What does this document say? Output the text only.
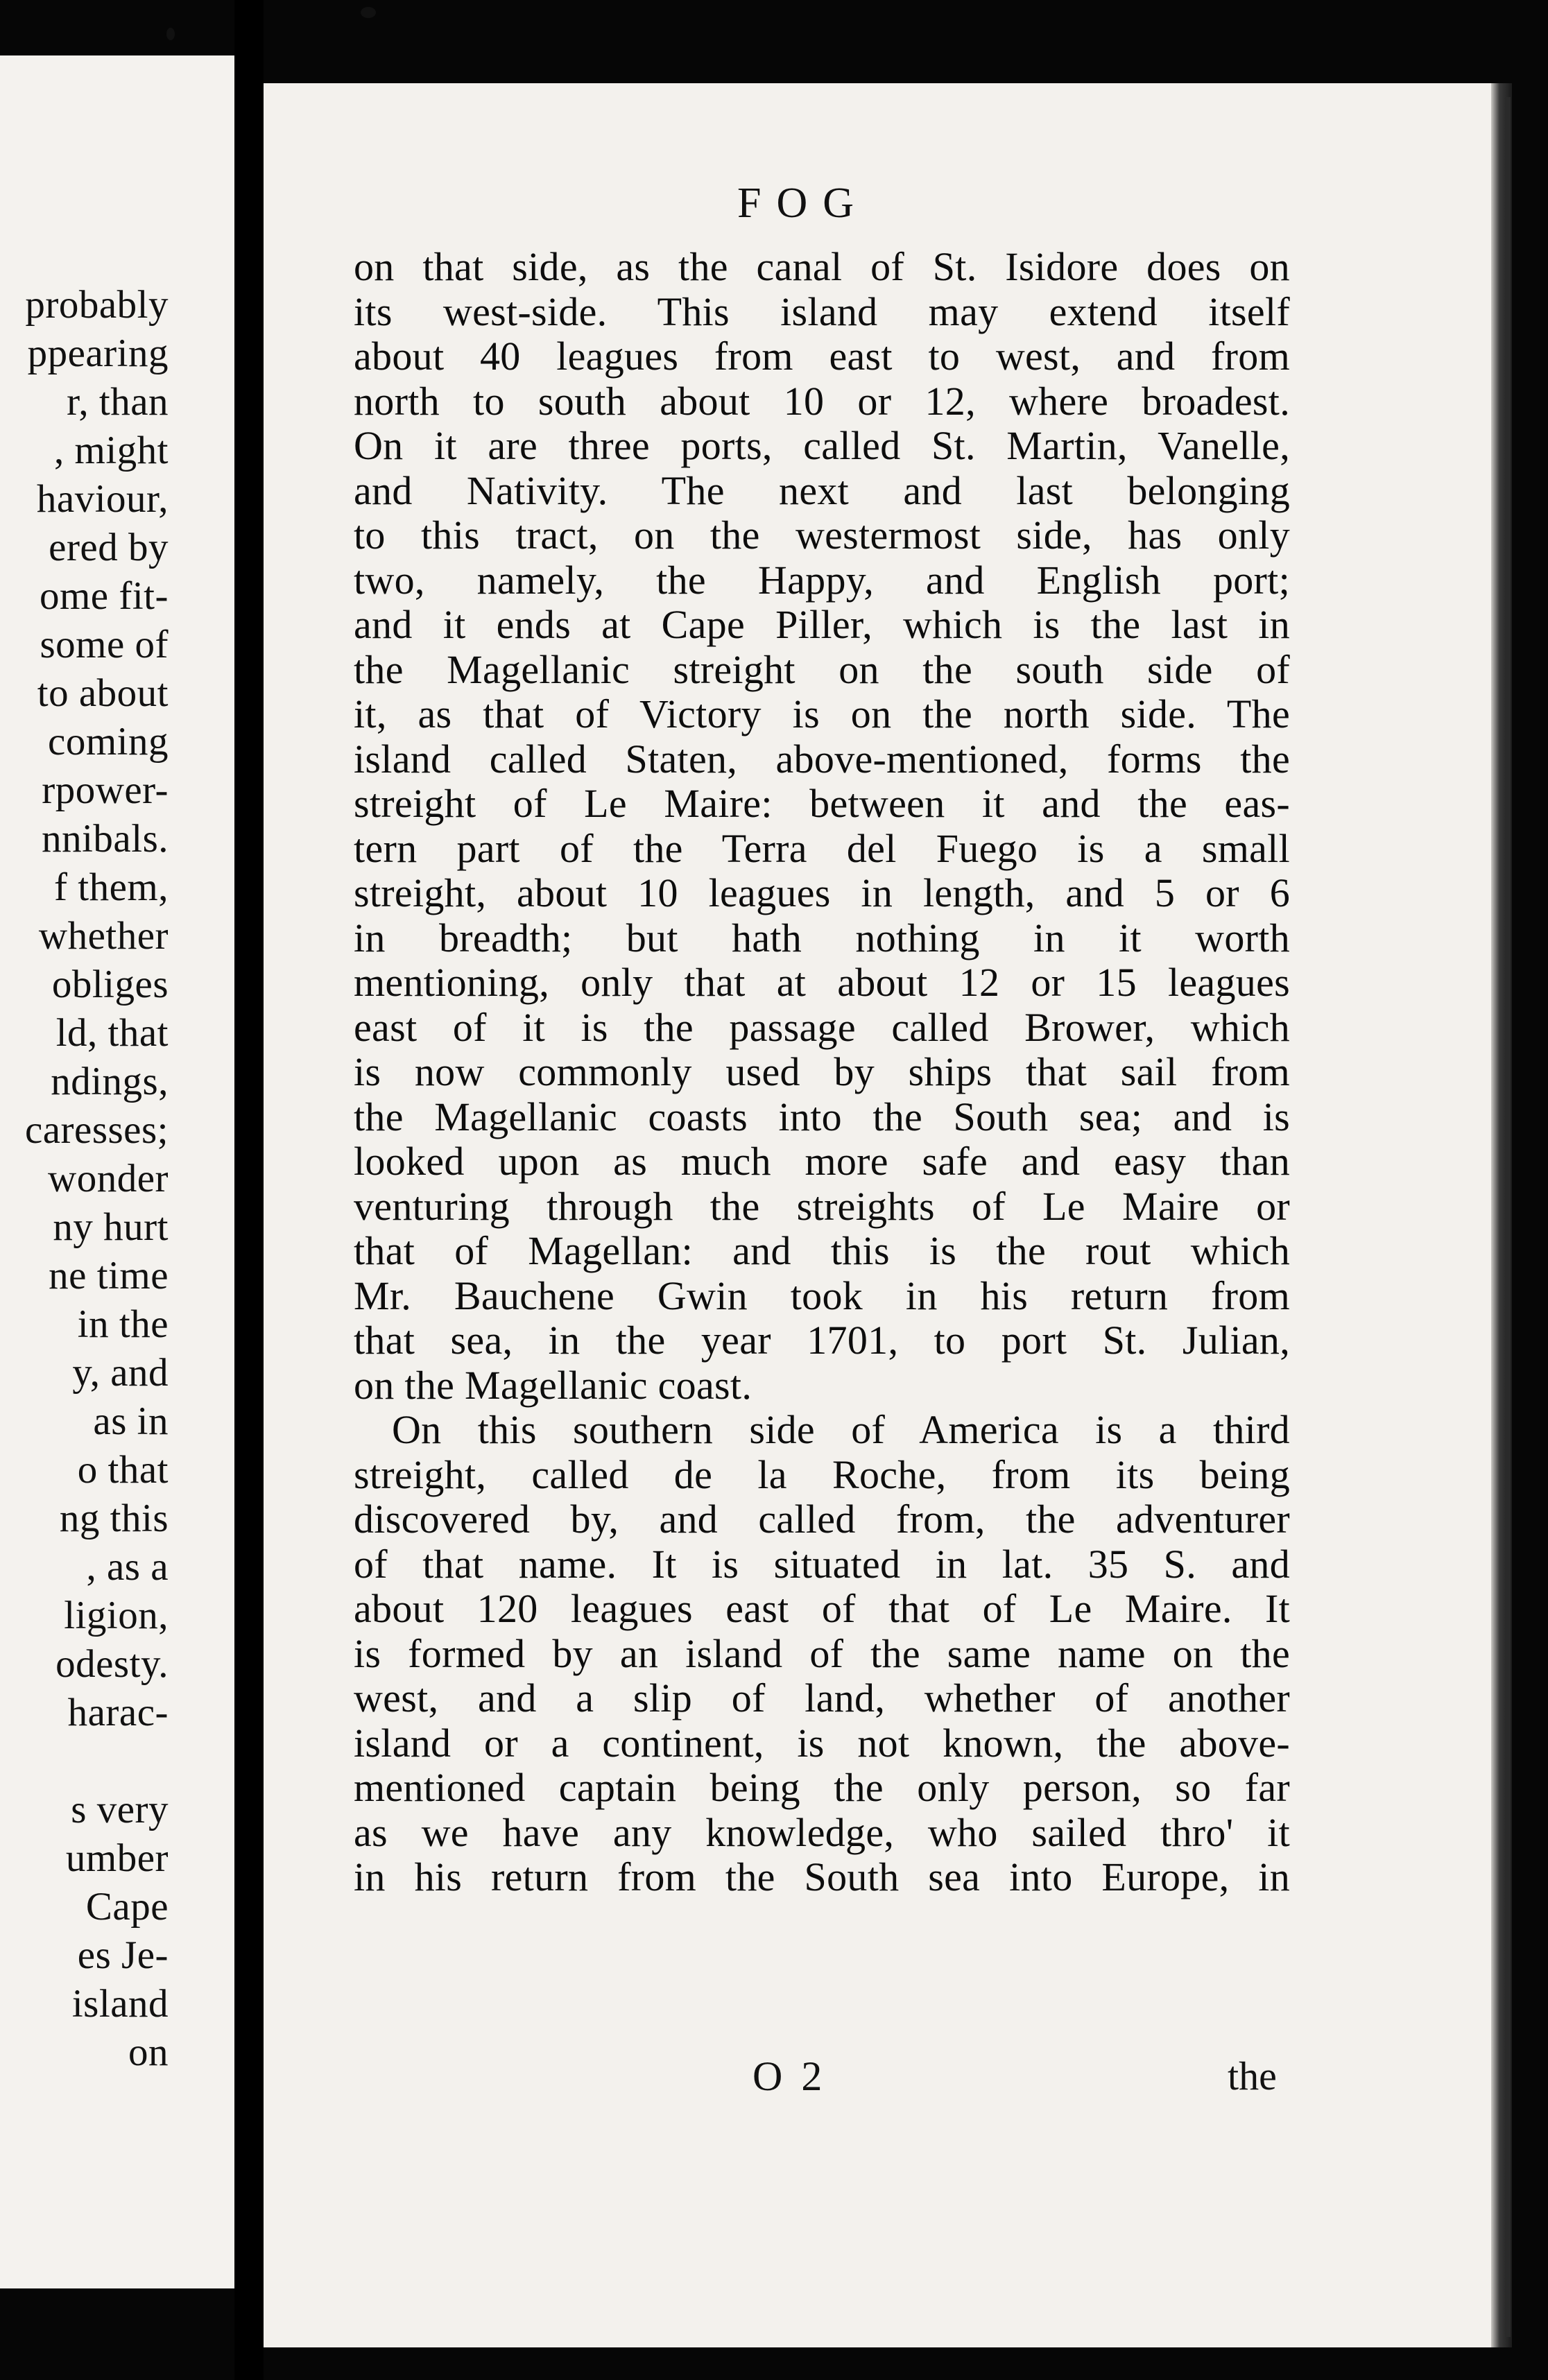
probably
ppearing
r, than
, might
haviour,
ered by
ome fit-
some of
to about
coming
rpower-
nnibals.
f them,
whether
obliges
ld, that
ndings,
caresses;
wonder
ny hurt
ne time
in the
y, and
as in
o that
ng this
, as a
ligion,
odesty.
harac-
s very
umber
Cape
es Je-
island
on
FOG
on that side, as the canal of St. Isidore does on
its west-side. This island may extend itself
about 40 leagues from east to west, and from
north to south about 10 or 12, where broadest.
On it are three ports, called St. Martin, Vanelle,
and Nativity. The next and last belonging
to this tract, on the westermost side, has only
two, namely, the Happy, and English port;
and it ends at Cape Piller, which is the last in
the Magellanic streight on the south side of
it, as that of Victory is on the north side. The
island called Staten, above-mentioned, forms the
streight of Le Maire: between it and the eas-
tern part of the Terra del Fuego is a small
streight, about 10 leagues in length, and 5 or 6
in breadth; but hath nothing in it worth
mentioning, only that at about 12 or 15 leagues
east of it is the passage called Brower, which
is now commonly used by ships that sail from
the Magellanic coasts into the South sea; and is
looked upon as much more safe and easy than
venturing through the streights of Le Maire or
that of Magellan: and this is the rout which
Mr. Bauchene Gwin took in his return from
that sea, in the year 1701, to port St. Julian,
on the Magellanic coast.
On this southern side of America is a third
streight, called de la Roche, from its being
discovered by, and called from, the adventurer
of that name. It is situated in lat. 35 S. and
about 120 leagues east of that of Le Maire. It
is formed by an island of the same name on the
west, and a slip of land, whether of another
island or a continent, is not known, the above-
mentioned captain being the only person, so far
as we have any knowledge, who sailed thro' it
in his return from the South sea into Europe, in
O 2	the
